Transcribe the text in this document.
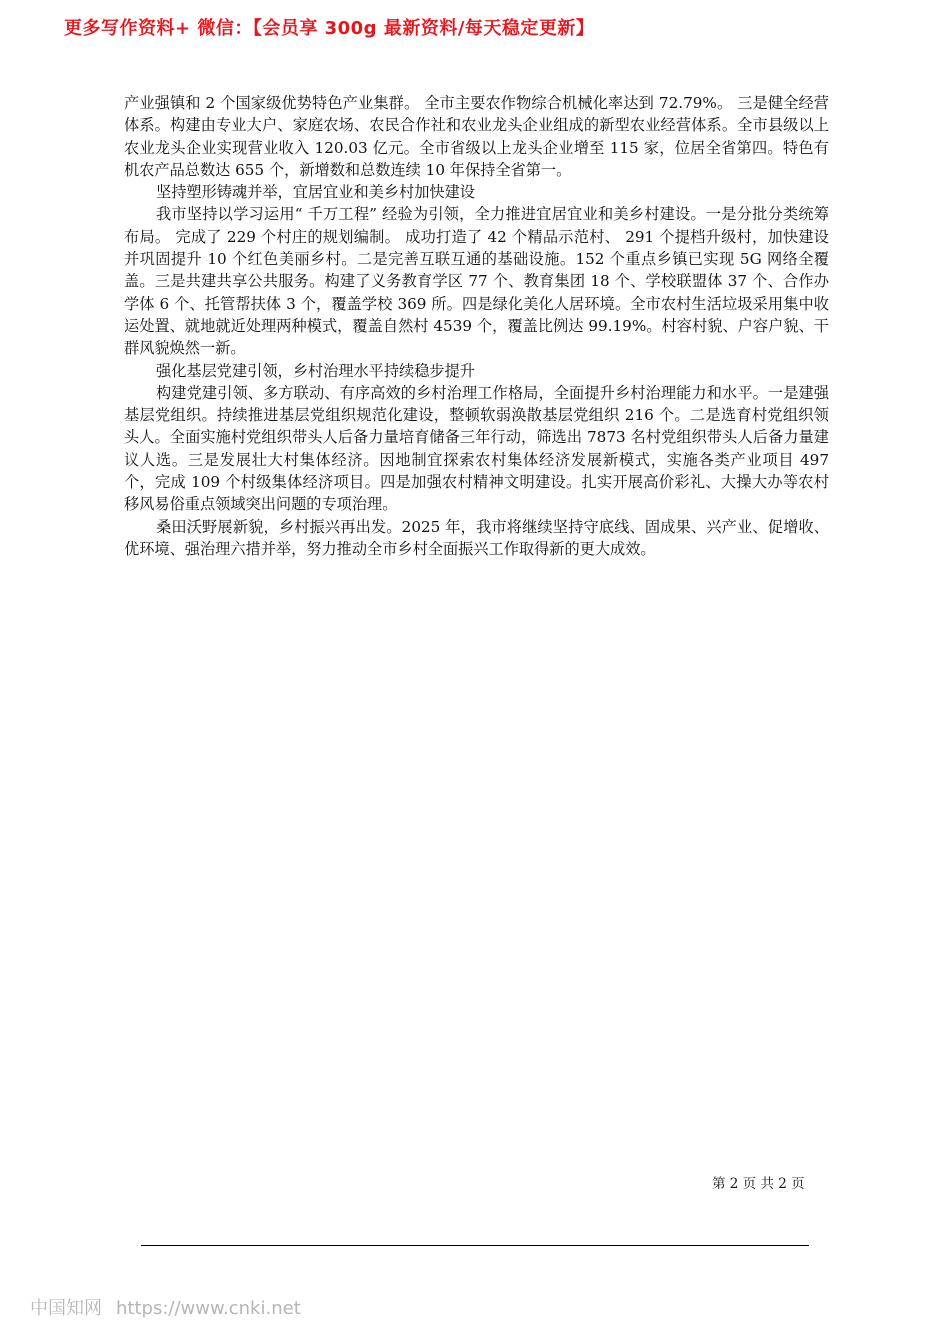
更多写作资料+ 微信：【会员享 300g 最新资料/每天稳定更新】

产业强镇和 2 个国家级优势特色产业集群。 全市主要农作物综合机械化率达到 72.79%。 三是健全经营体系。构建由专业大户、家庭农场、农民合作社和农业龙头企业组成的新型农业经营体系。全市县级以上农业龙头企业实现营业收入 120.03 亿元。全市省级以上龙头企业增至 115 家，位居全省第四。特色有机农产品总数达 655 个，新增数和总数连续 10 年保持全省第一。

坚持塑形铸魂并举，宜居宜业和美乡村加快建设

我市坚持以学习运用“ 千万工程” 经验为引领，全力推进宜居宜业和美乡村建设。一是分批分类统筹布局。 完成了 229 个村庄的规划编制。 成功打造了 42 个精品示范村、 291 个提档升级村，加快建设并巩固提升 10 个红色美丽乡村。二是完善互联互通的基础设施。152 个重点乡镇已实现 5G 网络全覆盖。三是共建共享公共服务。构建了义务教育学区 77 个、教育集团 18 个、学校联盟体 37 个、合作办学体 6 个、托管帮扶体 3 个，覆盖学校 369 所。四是绿化美化人居环境。全市农村生活垃圾采用集中收运处置、就地就近处理两种模式，覆盖自然村 4539 个，覆盖比例达 99.19%。村容村貌、户容户貌、干群风貌焕然一新。

强化基层党建引领，乡村治理水平持续稳步提升

构建党建引领、多方联动、有序高效的乡村治理工作格局，全面提升乡村治理能力和水平。一是建强基层党组织。持续推进基层党组织规范化建设，整顿软弱涣散基层党组织 216 个。二是选育村党组织领头人。全面实施村党组织带头人后备力量培育储备三年行动，筛选出 7873 名村党组织带头人后备力量建议人选。三是发展壮大村集体经济。因地制宜探索农村集体经济发展新模式，实施各类产业项目 497 个，完成 109 个村级集体经济项目。四是加强农村精神文明建设。扎实开展高价彩礼、大操大办等农村移风易俗重点领域突出问题的专项治理。

桑田沃野展新貌，乡村振兴再出发。2025 年，我市将继续坚持守底线、固成果、兴产业、促增收、优环境、强治理六措并举，努力推动全市乡村全面振兴工作取得新的更大成效。

第 2 页 共 2 页
中国知网 https://www.cnki.net
